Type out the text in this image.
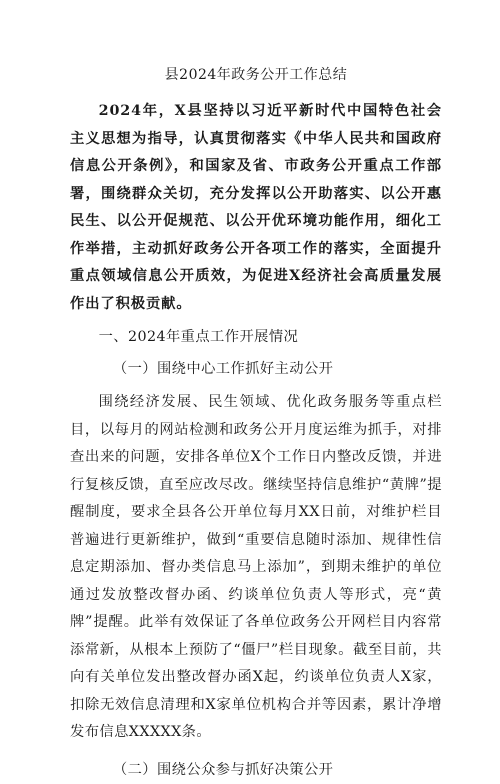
县2024年政务公开工作总结

2024年，X县坚持以习近平新时代中国特色社会主义思想为指导，认真贯彻落实《中华人民共和国政府信息公开条例》，和国家及省、市政务公开重点工作部署，围绕群众关切，充分发挥以公开助落实、以公开惠民生、以公开促规范、以公开优环境功能作用，细化工作举措，主动抓好政务公开各项工作的落实，全面提升重点领域信息公开质效，为促进X经济社会高质量发展作出了积极贡献。

一、2024年重点工作开展情况
（一）围绕中心工作抓好主动公开

围绕经济发展、民生领域、优化政务服务等重点栏目，以每月的网站检测和政务公开月度运维为抓手，对排查出来的问题，安排各单位X个工作日内整改反馈，并进行复核反馈，直至应改尽改。继续坚持信息维护“黄牌”提醒制度，要求全县各公开单位每月XX日前，对维护栏目普遍进行更新维护，做到“重要信息随时添加、规律性信息定期添加、督办类信息马上添加”，到期未维护的单位通过发放整改督办函、约谈单位负责人等形式，亮“黄牌”提醒。此举有效保证了各单位政务公开网栏目内容常添常新，从根本上预防了“僵尸”栏目现象。截至目前，共向有关单位发出整改督办函X起，约谈单位负责人X家，扣除无效信息清理和X家单位机构合并等因素，累计净增发布信息XXXXX条。

（二）围绕公众参与抓好决策公开
